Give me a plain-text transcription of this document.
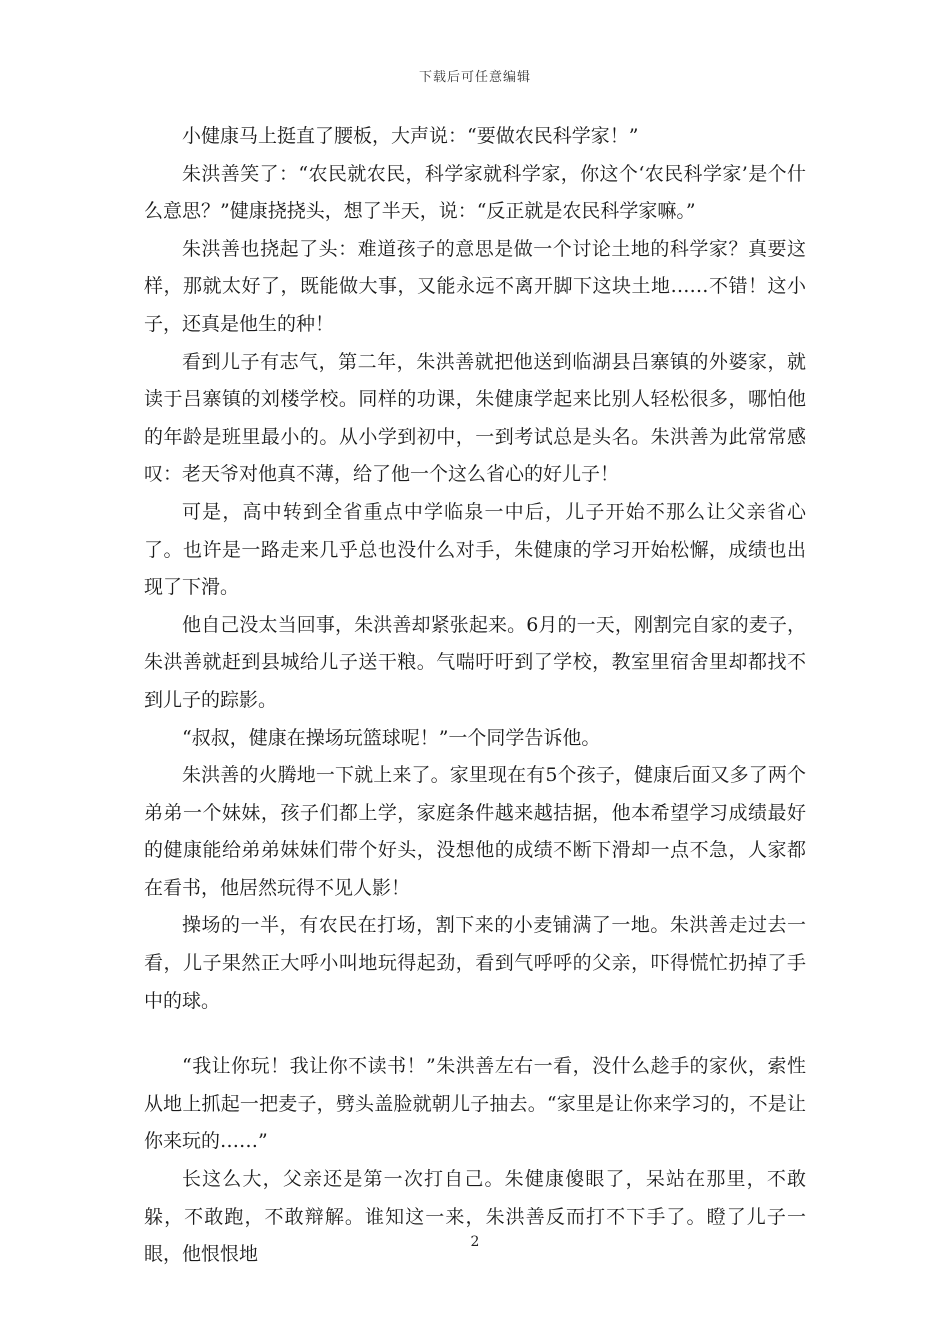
下载后可任意编辑

小健康马上挺直了腰板，大声说：“要做农民科学家！”

朱洪善笑了：“农民就农民，科学家就科学家，你这个‘农民科学家’是个什么意思？”健康挠挠头，想了半天，说：“反正就是农民科学家嘛。”

朱洪善也挠起了头：难道孩子的意思是做一个讨论土地的科学家？真要这样，那就太好了，既能做大事，又能永远不离开脚下这块土地……不错！这小子，还真是他生的种！

看到儿子有志气，第二年，朱洪善就把他送到临湖县吕寨镇的外婆家，就读于吕寨镇的刘楼学校。同样的功课，朱健康学起来比别人轻松很多，哪怕他的年龄是班里最小的。从小学到初中，一到考试总是头名。朱洪善为此常常感叹：老天爷对他真不薄，给了他一个这么省心的好儿子！

可是，高中转到全省重点中学临泉一中后，儿子开始不那么让父亲省心了。也许是一路走来几乎总也没什么对手，朱健康的学习开始松懈，成绩也出现了下滑。

他自己没太当回事，朱洪善却紧张起来。6月的一天，刚割完自家的麦子，朱洪善就赶到县城给儿子送干粮。气喘吁吁到了学校，教室里宿舍里却都找不到儿子的踪影。

“叔叔，健康在操场玩篮球呢！”一个同学告诉他。

朱洪善的火腾地一下就上来了。家里现在有5个孩子，健康后面又多了两个弟弟一个妹妹，孩子们都上学，家庭条件越来越拮据，他本希望学习成绩最好的健康能给弟弟妹妹们带个好头，没想他的成绩不断下滑却一点不急，人家都在看书，他居然玩得不见人影！

操场的一半，有农民在打场，割下来的小麦铺满了一地。朱洪善走过去一看，儿子果然正大呼小叫地玩得起劲，看到气呼呼的父亲，吓得慌忙扔掉了手中的球。

“我让你玩！我让你不读书！”朱洪善左右一看，没什么趁手的家伙，索性从地上抓起一把麦子，劈头盖脸就朝儿子抽去。“家里是让你来学习的，不是让你来玩的……”

长这么大，父亲还是第一次打自己。朱健康傻眼了，呆站在那里，不敢躲，不敢跑，不敢辩解。谁知这一来，朱洪善反而打不下手了。瞪了儿子一眼，他恨恨地

2
